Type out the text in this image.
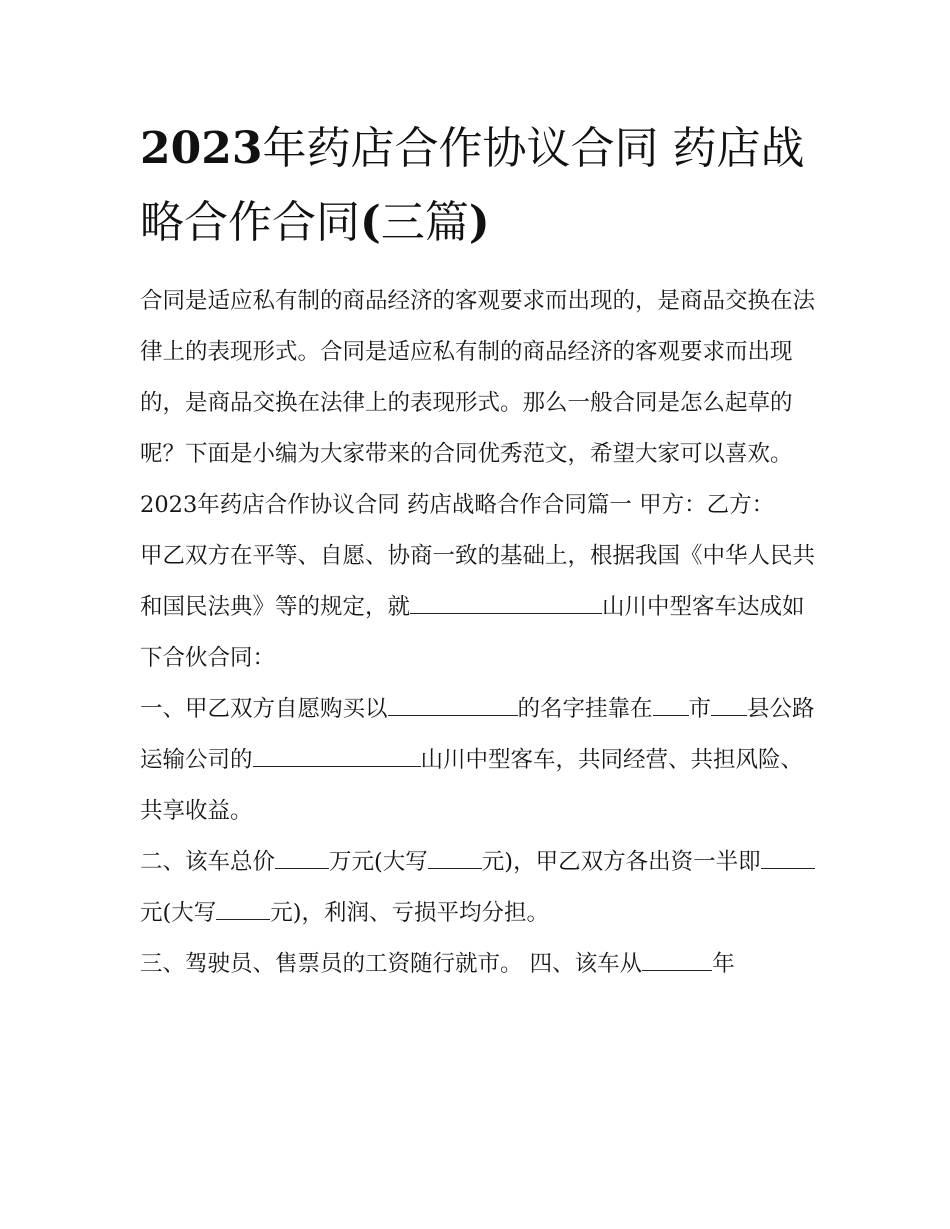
2023年药店合作协议合同 药店战略合作合同(三篇)

合同是适应私有制的商品经济的客观要求而出现的，是商品交换在法律上的表现形式。合同是适应私有制的商品经济的客观要求而出现的，是商品交换在法律上的表现形式。那么一般合同是怎么起草的呢？下面是小编为大家带来的合同优秀范文，希望大家可以喜欢。

2023年药店合作协议合同 药店战略合作合同篇一 甲方：乙方：

甲乙双方在平等、自愿、协商一致的基础上，根据我国《中华人民共和国民法典》等的规定，就	山川中型客车达成如下合伙合同：

一、甲乙双方自愿购买以	的名字挂靠在 市 县公路运输公司的	山川中型客车，共同经营、共担风险、共享收益。

二、该车总价 万元(大写 元)，甲乙双方各出资一半即元(大写 元)，利润、亏损平均分担。

三、驾驶员、售票员的工资随行就市。 四、该车从	年
